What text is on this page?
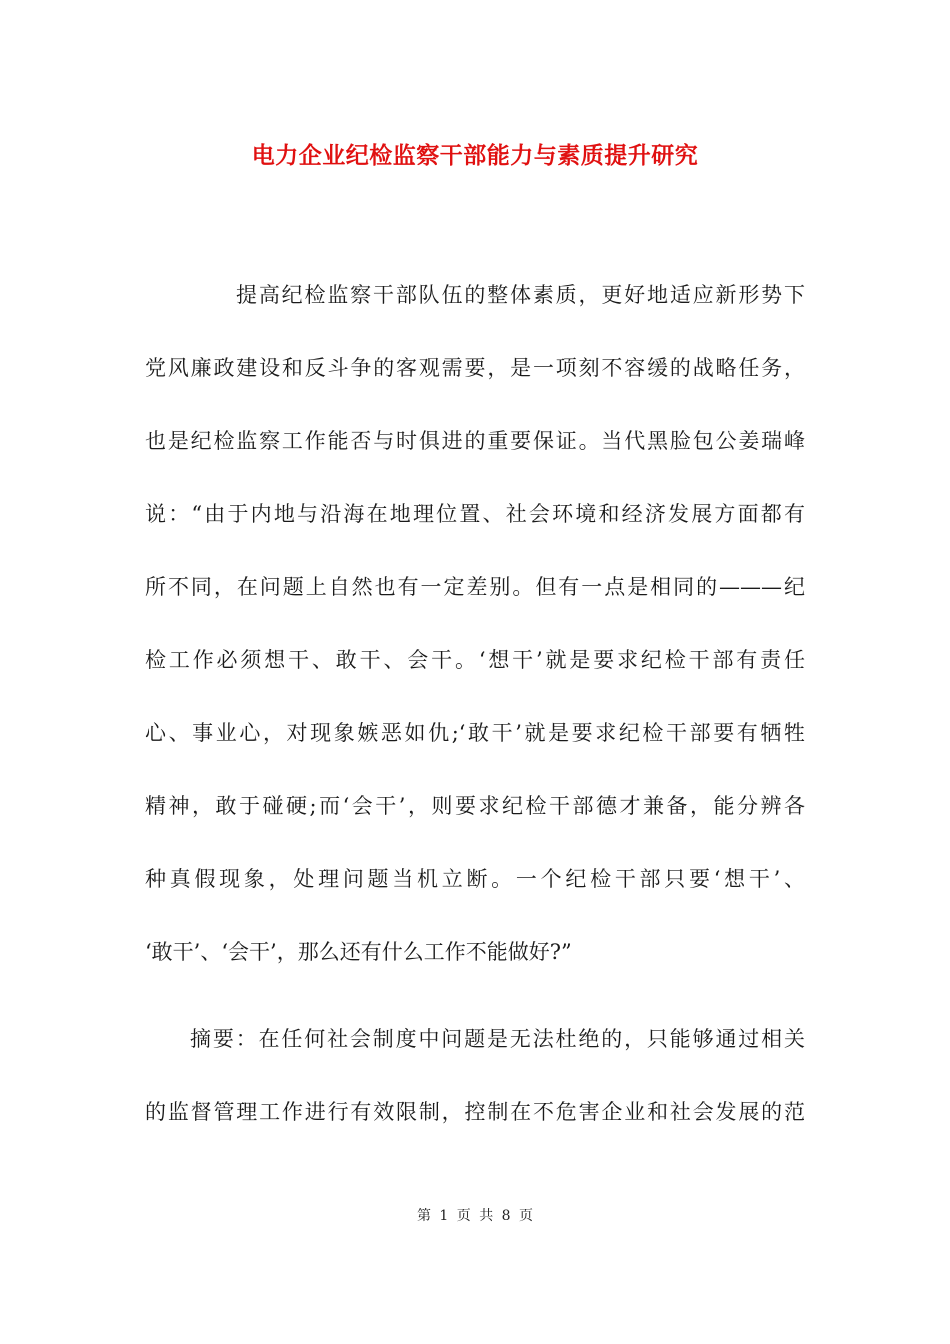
电力企业纪检监察干部能力与素质提升研究
提高纪检监察干部队伍的整体素质，更好地适应新形势下
党风廉政建设和反斗争的客观需要，是一项刻不容缓的战略任务，
也是纪检监察工作能否与时俱进的重要保证。当代黑脸包公姜瑞峰
说：“由于内地与沿海在地理位置、社会环境和经济发展方面都有
所不同，在问题上自然也有一定差别。但有一点是相同的———纪
检工作必须想干、敢干、会干。‘想干’就是要求纪检干部有责任
心、事业心，对现象嫉恶如仇;‘敢干’就是要求纪检干部要有牺牲
精神，敢于碰硬;而‘会干’，则要求纪检干部德才兼备，能分辨各
种真假现象，处理问题当机立断。一个纪检干部只要‘想干’、
‘敢干’、‘会干’，那么还有什么工作不能做好?”
摘要：在任何社会制度中问题是无法杜绝的，只能够通过相关
的监督管理工作进行有效限制，控制在不危害企业和社会发展的范
第 1 页 共 8 页
